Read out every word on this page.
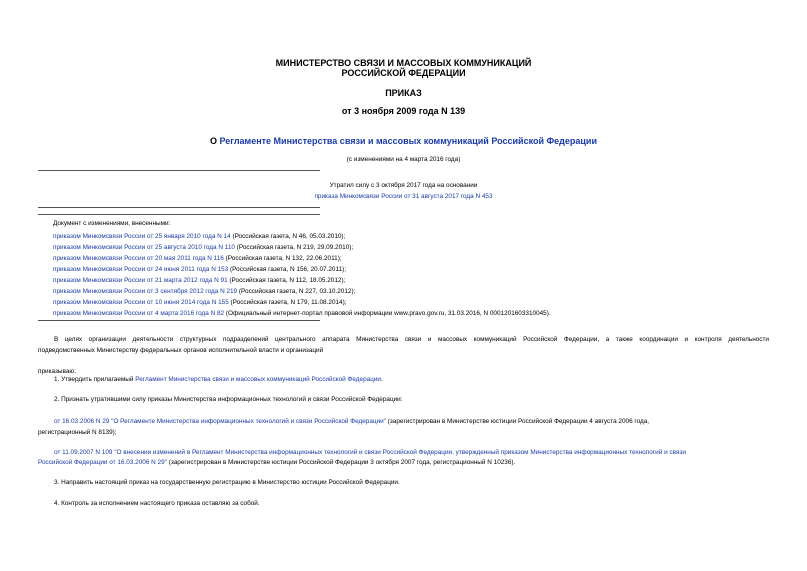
МИНИСТЕРСТВО СВЯЗИ И МАССОВЫХ КОММУНИКАЦИЙ
РОССИЙСКОЙ ФЕДЕРАЦИИ
ПРИКАЗ
от 3 ноября 2009 года N 139
О Регламенте Министерства связи и массовых коммуникаций Российской Федерации
(с изменениями на 4 марта 2016 года)
Утратил силу с 3 октября 2017 года на основании
приказа Минкомсвязи России от 31 августа 2017 года N 453
Документ с изменениями, внесенными:
приказом Минкомсвязи России от 25 января 2010 года N 14 (Российская газета, N 46, 05.03.2010);
приказом Минкомсвязи России от 25 августа 2010 года N 110 (Российская газета, N 219, 29.09.2010);
приказом Минкомсвязи России от 20 мая 2011 года N 116 (Российская газета, N 132, 22.06.2011);
приказом Минкомсвязи России от 24 июня 2011 года N 153 (Российская газета, N 156, 20.07.2011);
приказом Минкомсвязи России от 21 марта 2012 года N 91 (Российская газета, N 112, 18.05.2012);
приказом Минкомсвязи России от 3 сентября 2012 года N 219 (Российская газета, N 227, 03.10.2012);
приказом Минкомсвязи России от 10 июня 2014 года N 155 (Российская газета, N 179, 11.08.2014);
приказом Минкомсвязи России от 4 марта 2016 года N 82 (Официальный интернет-портал правовой информации www.pravo.gov.ru, 31.03.2016, N 0001201603310045).
В целях организации деятельности структурных подразделений центрального аппарата Министерства связи и массовых коммуникаций Российской Федерации, а также координации и контроля деятельности
подведомственных Министерству федеральных органов исполнительной власти и организаций
приказываю:
1. Утвердить прилагаемый Регламент Министерства связи и массовых коммуникаций Российской Федерации.
2. Признать утратившими силу приказы Министерства информационных технологий и связи Российской Федерации:
от 16.03.2006 N 29 "О Регламенте Министерства информационных технологий и связи Российской Федерации" (зарегистрирован в Министерстве юстиции Российской Федерации 4 августа 2006 года,
регистрационный N 8139);
от 11.09.2007 N 109 "О внесении изменений в Регламент Министерства информационных технологий и связи Российской Федерации, утвержденный приказом Министерства информационных технологий и связи
Российской Федерации от 16.03.2006 N 29" (зарегистрирован в Министерстве юстиции Российской Федерации 3 октября 2007 года, регистрационный N 10236).
3. Направить настоящий приказ на государственную регистрацию в Министерство юстиции Российской Федерации.
4. Контроль за исполнением настоящего приказа оставляю за собой.
